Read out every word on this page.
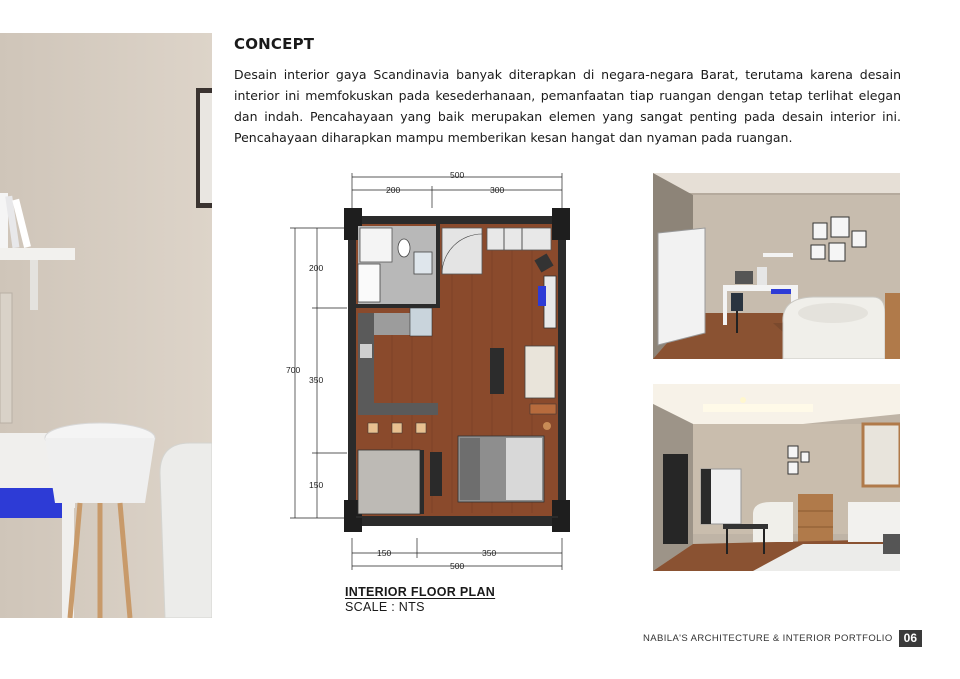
CONCEPT

Desain interior gaya Scandinavia banyak diterapkan di negara-negara Barat, terutama karena desain interior ini memfokuskan pada kesederhanaan, pemanfaatan tiap ruangan dengan tetap terlihat elegan dan indah. Pencahayaan yang baik merupakan elemen yang sangat penting pada desain interior ini. Pencahayaan diharapkan mampu memberikan kesan hangat dan nyaman pada ruangan.

500
200	300
700
200
350
150
150	350
500
INTERIOR FLOOR PLAN
SCALE : NTS
NABILA'S ARCHITECTURE & INTERIOR PORTFOLIO 06
